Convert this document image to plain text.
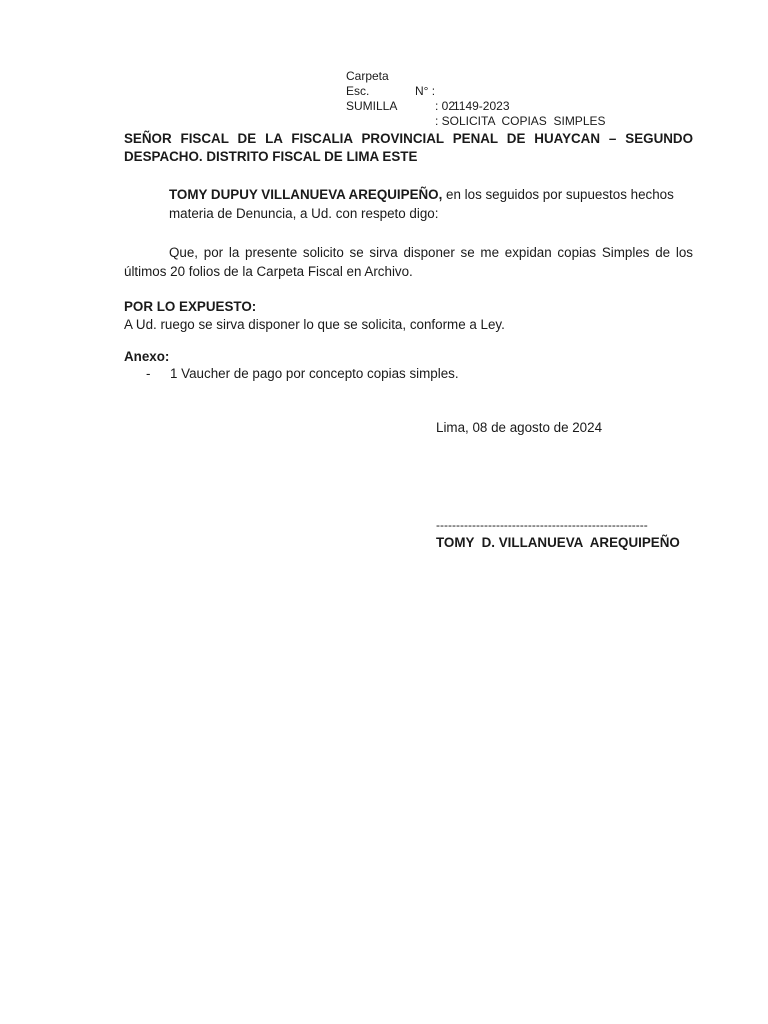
Carpeta

N° :

1149-2023

Esc.

: 02

SUMILLA

: SOLICITA  COPIAS  SIMPLES

SEÑOR FISCAL DE LA FISCALIA PROVINCIAL PENAL DE HUAYCAN – SEGUNDO DESPACHO. DISTRITO FISCAL DE LIMA ESTE
TOMY DUPUY VILLANUEVA AREQUIPEÑO, en los seguidos por supuestos hechos materia de Denuncia, a Ud. con respeto digo:
Que, por la presente solicito se sirva disponer se me expidan copias Simples de los últimos 20 folios de la Carpeta Fiscal en Archivo.
POR LO EXPUESTO:
A Ud. ruego se sirva disponer lo que se solicita, conforme a Ley.
Anexo:
- 1 Vaucher de pago por concepto copias simples.
Lima, 08 de agosto de 2024
-----------------------------------------------------
TOMY  D. VILLANUEVA  AREQUIPEÑO
